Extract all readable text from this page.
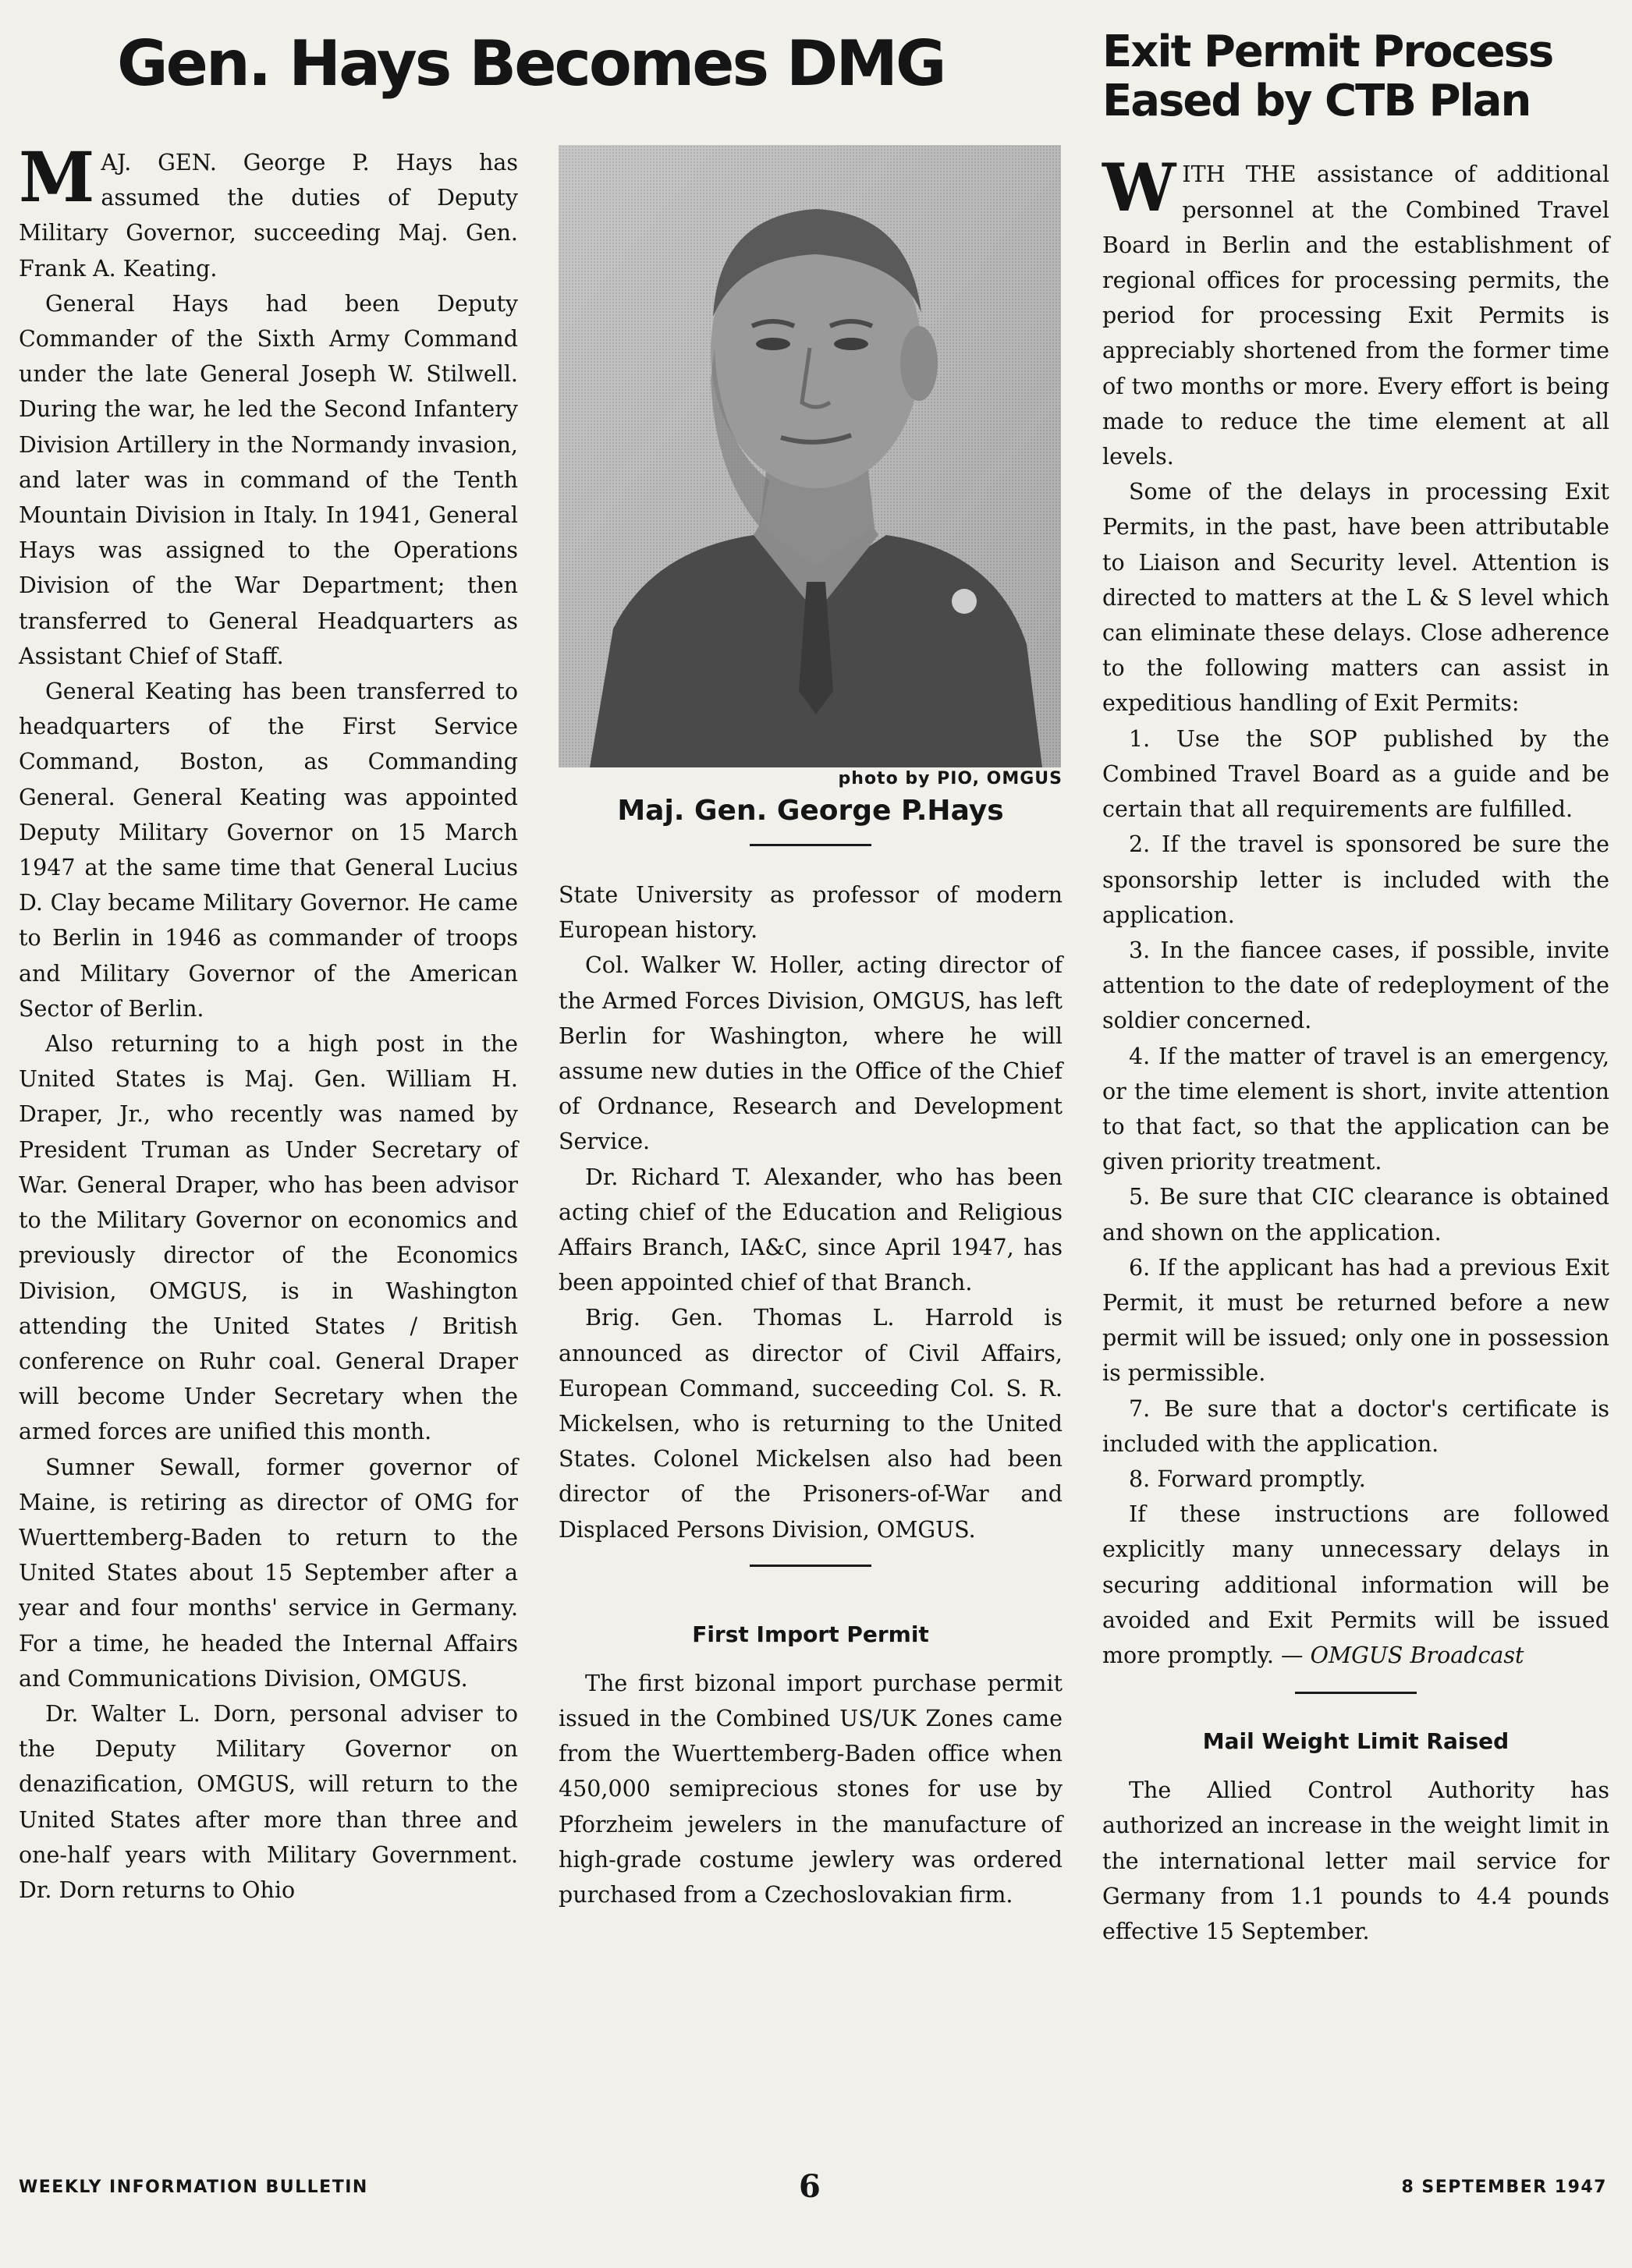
Gen. Hays Becomes DMG

MAJ. GEN. George P. Hays has assumed the duties of Deputy Military Governor, succeeding Maj. Gen. Frank A. Keating.

General Hays had been Deputy Commander of the Sixth Army Command under the late General Joseph W. Stilwell. During the war, he led the Second Infantery Division Artillery in the Normandy invasion, and later was in command of the Tenth Mountain Division in Italy. In 1941, General Hays was assigned to the Operations Division of the War Department; then transferred to General Headquarters as Assistant Chief of Staff.

General Keating has been transferred to headquarters of the First Service Command, Boston, as Commanding General. General Keating was appointed Deputy Military Governor on 15 March 1947 at the same time that General Lucius D. Clay became Military Governor. He came to Berlin in 1946 as commander of troops and Military Governor of the American Sector of Berlin.

Also returning to a high post in the United States is Maj. Gen. William H. Draper, Jr., who recently was named by President Truman as Under Secretary of War. General Draper, who has been advisor to the Military Governor on economics and previously director of the Economics Division, OMGUS, is in Washington attending the United States / British conference on Ruhr coal. General Draper will become Under Secretary when the armed forces are unified this month.

Sumner Sewall, former governor of Maine, is retiring as director of OMG for Wuerttemberg-Baden to return to the United States about 15 September after a year and four months' service in Germany. For a time, he headed the Internal Affairs and Communications Division, OMGUS.

Dr. Walter L. Dorn, personal adviser to the Deputy Military Governor on denazification, OMGUS, will return to the United States after more than three and one-half years with Military Government. Dr. Dorn returns to Ohio

photo by PIO, OMGUS
Maj. Gen. George P.Hays

State University as professor of modern European history.

Col. Walker W. Holler, acting director of the Armed Forces Division, OMGUS, has left Berlin for Washington, where he will assume new duties in the Office of the Chief of Ordnance, Research and Development Service.

Dr. Richard T. Alexander, who has been acting chief of the Education and Religious Affairs Branch, IA&C, since April 1947, has been appointed chief of that Branch.

Brig. Gen. Thomas L. Harrold is announced as director of Civil Affairs, European Command, succeeding Col. S. R. Mickelsen, who is returning to the United States. Colonel Mickelsen also had been director of the Prisoners-of-War and Displaced Persons Division, OMGUS.

First Import Permit

The first bizonal import purchase permit issued in the Combined US/UK Zones came from the Wuerttemberg-Baden office when 450,000 semiprecious stones for use by Pforzheim jewelers in the manufacture of high-grade costume jewlery was ordered purchased from a Czechoslovakian firm.

Exit Permit Process
Eased by CTB Plan

WITH THE assistance of additional personnel at the Combined Travel Board in Berlin and the establishment of regional offices for processing permits, the period for processing Exit Permits is appreciably shortened from the former time of two months or more. Every effort is being made to reduce the time element at all levels.

Some of the delays in processing Exit Permits, in the past, have been attributable to Liaison and Security level. Attention is directed to matters at the L & S level which can eliminate these delays. Close adherence to the following matters can assist in expeditious handling of Exit Permits:

1. Use the SOP published by the Combined Travel Board as a guide and be certain that all requirements are fulfilled.

2. If the travel is sponsored be sure the sponsorship letter is included with the application.

3. In the fiancee cases, if possible, invite attention to the date of redeployment of the soldier concerned.

4. If the matter of travel is an emergency, or the time element is short, invite attention to that fact, so that the application can be given priority treatment.

5. Be sure that CIC clearance is obtained and shown on the application.

6. If the applicant has had a previous Exit Permit, it must be returned before a new permit will be issued; only one in possession is permissible.

7. Be sure that a doctor's certificate is included with the application.

8. Forward promptly.

If these instructions are followed explicitly many unnecessary delays in securing additional information will be avoided and Exit Permits will be issued more promptly. — OMGUS Broadcast

Mail Weight Limit Raised

The Allied Control Authority has authorized an increase in the weight limit in the international letter mail service for Germany from 1.1 pounds to 4.4 pounds effective 15 September.

WEEKLY INFORMATION BULLETIN	6	8 SEPTEMBER 1947
